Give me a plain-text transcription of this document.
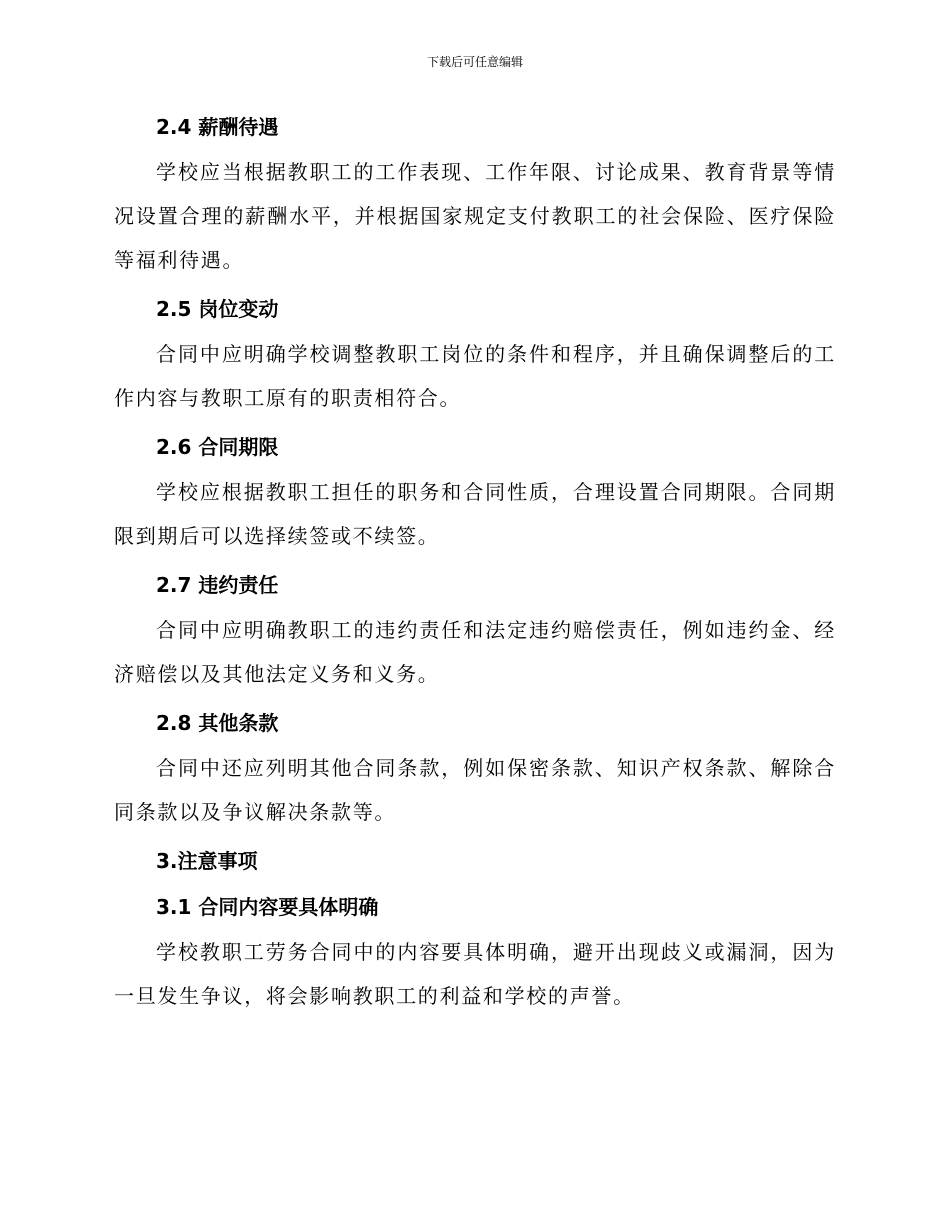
下载后可任意编辑
2.4 薪酬待遇

学校应当根据教职工的工作表现、工作年限、讨论成果、教育背景等情况设置合理的薪酬水平，并根据国家规定支付教职工的社会保险、医疗保险等福利待遇。

2.5 岗位变动

合同中应明确学校调整教职工岗位的条件和程序，并且确保调整后的工作内容与教职工原有的职责相符合。

2.6 合同期限

学校应根据教职工担任的职务和合同性质，合理设置合同期限。合同期限到期后可以选择续签或不续签。

2.7 违约责任

合同中应明确教职工的违约责任和法定违约赔偿责任，例如违约金、经济赔偿以及其他法定义务和义务。

2.8 其他条款

合同中还应列明其他合同条款，例如保密条款、知识产权条款、解除合同条款以及争议解决条款等。

3.注意事项
3.1 合同内容要具体明确

学校教职工劳务合同中的内容要具体明确，避开出现歧义或漏洞，因为一旦发生争议，将会影响教职工的利益和学校的声誉。
